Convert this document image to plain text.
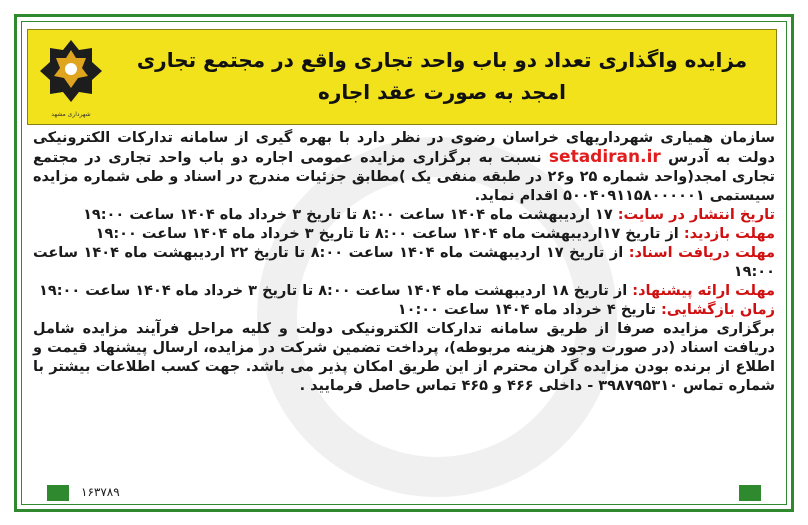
شهرداری مشهد
مزایده واگذاری تعداد دو باب واحد تجاری واقع در مجتمع تجاری امجد به صورت عقد اجاره
سازمان همیاری شهرداریهای خراسان رضوی در نظر دارد با بهره گیری از سامانه تدارکات الکترونیکی دولت به آدرس setadiran.ir نسبت به برگزاری مزایده عمومی اجاره دو باب واحد تجاری در مجتمع تجاری امجد(واحد شماره ۲۵ و۲۶ در طبقه منفی یک )مطابق جزئیات مندرج در اسناد و طی شماره مزایده سیستمی ۵۰۰۴۰۹۱۱۵۸۰۰۰۰۰۱ اقدام نماید.
تاریخ انتشار در سایت: ۱۷ اردیبهشت ماه ۱۴۰۴ ساعت ۸:۰۰ تا تاریخ ۳ خرداد ماه ۱۴۰۴ ساعت ۱۹:۰۰
مهلت بازدید: از تاریخ ۱۷اردیبهشت ماه ۱۴۰۴ ساعت ۸:۰۰ تا تاریخ ۳ خرداد ماه ۱۴۰۴ ساعت ۱۹:۰۰
مهلت دریافت اسناد: از تاریخ ۱۷ اردیبهشت ماه ۱۴۰۴ ساعت ۸:۰۰ تا تاریخ ۲۲ اردیبهشت ماه ۱۴۰۴ ساعت ۱۹:۰۰
مهلت ارائه پیشنهاد: از تاریخ ۱۸ اردیبهشت ماه ۱۴۰۴ ساعت ۸:۰۰ تا تاریخ ۳ خرداد ماه ۱۴۰۴ ساعت ۱۹:۰۰
زمان بازگشایی: تاریخ ۴ خرداد ماه ۱۴۰۴ ساعت ۱۰:۰۰
برگزاری مزایده صرفا از طریق سامانه تدارکات الکترونیکی دولت و کلیه مراحل فرآیند مزایده شامل دریافت اسناد (در صورت وجود هزینه مربوطه)، پرداخت تضمین شرکت در مزایده، ارسال پیشنهاد قیمت و اطلاع از برنده بودن مزایده گران محترم از این طریق امکان پذیر می باشد. جهت کسب اطلاعات بیشتر با شماره تماس ۳۹۸۷۹۵۳۱۰ - داخلی ۴۶۶ و ۴۶۵ تماس حاصل فرمایید .
۱۶۳۷۸۹
